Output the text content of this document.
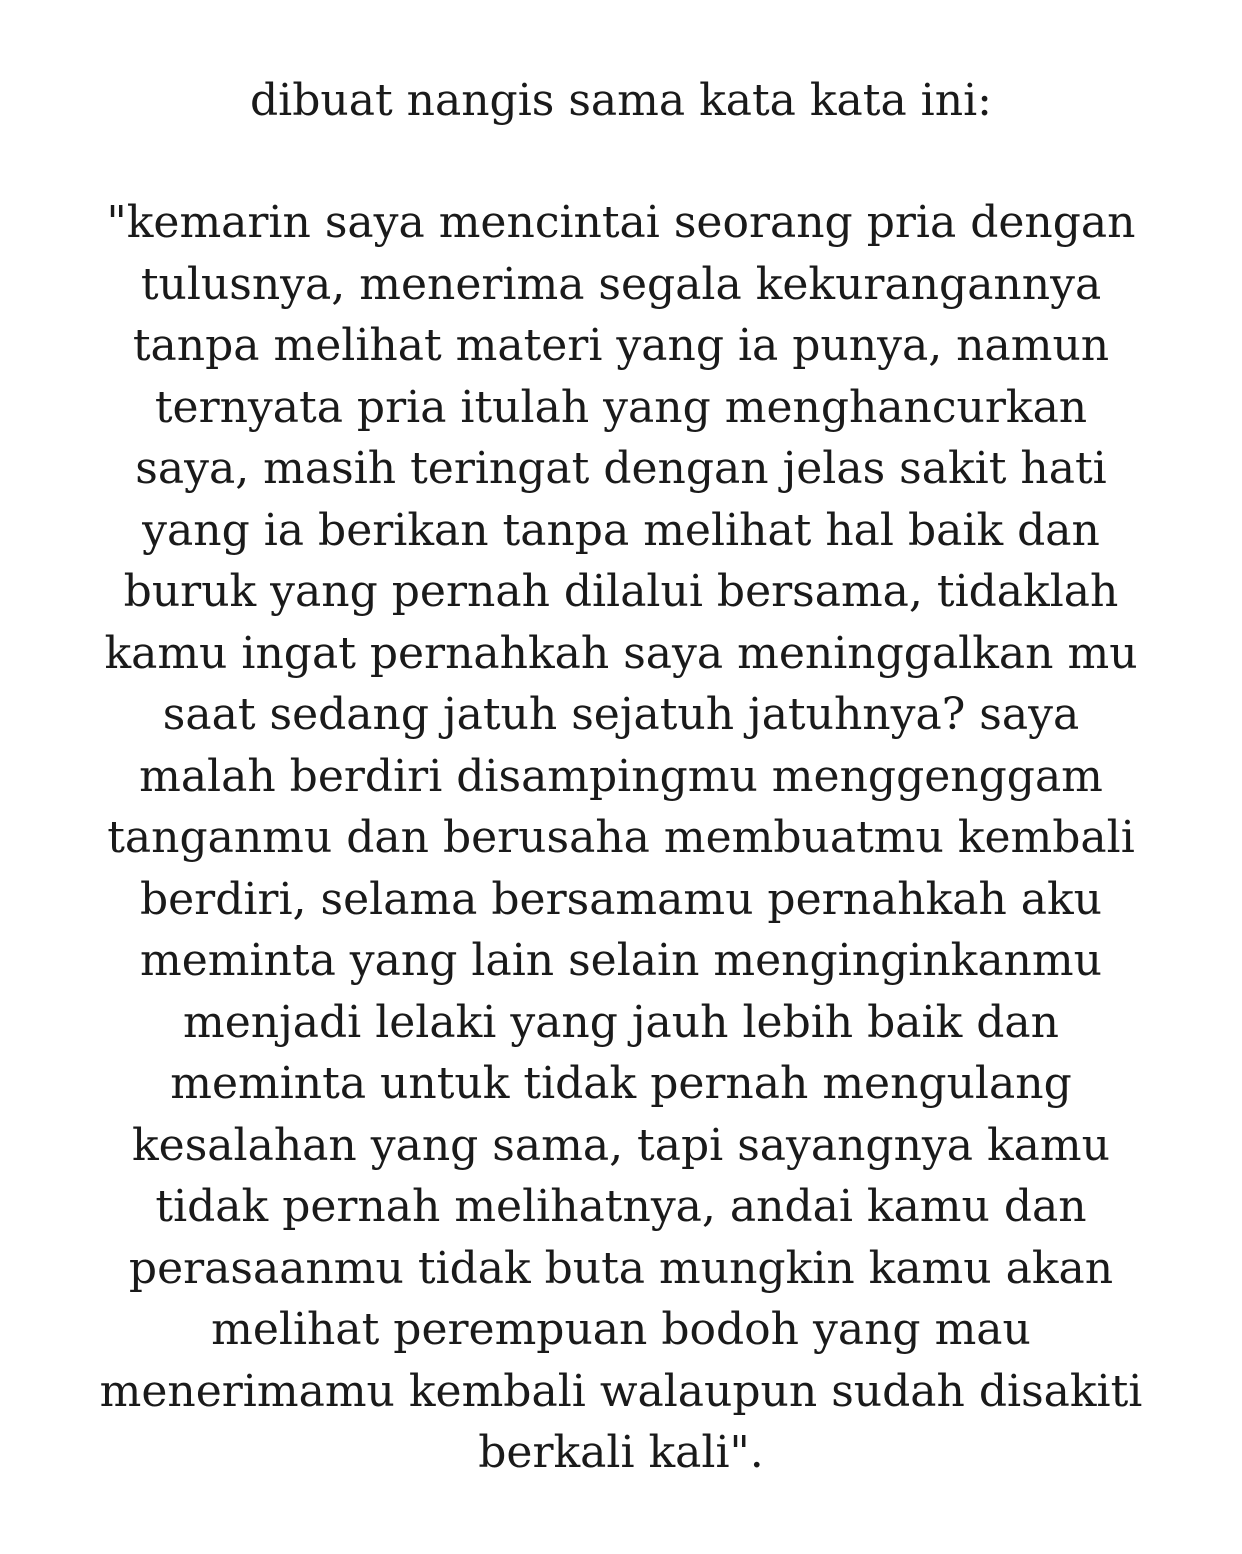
dibuat nangis sama kata kata ini:
"kemarin saya mencintai seorang pria dengan
tulusnya, menerima segala kekurangannya
tanpa melihat materi yang ia punya, namun
ternyata pria itulah yang menghancurkan
saya, masih teringat dengan jelas sakit hati
yang ia berikan tanpa melihat hal baik dan
buruk yang pernah dilalui bersama, tidaklah
kamu ingat pernahkah saya meninggalkan mu
saat sedang jatuh sejatuh jatuhnya? saya
malah berdiri disampingmu menggenggam
tanganmu dan berusaha membuatmu kembali
berdiri, selama bersamamu pernahkah aku
meminta yang lain selain menginginkanmu
menjadi lelaki yang jauh lebih baik dan
meminta untuk tidak pernah mengulang
kesalahan yang sama, tapi sayangnya kamu
tidak pernah melihatnya, andai kamu dan
perasaanmu tidak buta mungkin kamu akan
melihat perempuan bodoh yang mau
menerimamu kembali walaupun sudah disakiti
berkali kali".
